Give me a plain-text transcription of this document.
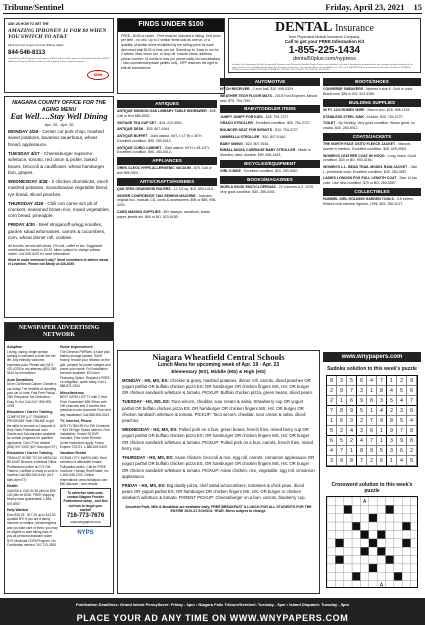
Tribune/Sentinel	Friday, April 23, 2021 15
ASK US HOW TO GET THE
AMAZING IPHONE® 11 FOR $0 WHEN YOU SWITCH TO AT&T
Find out how to get our best iPhone deals
844-546-8113
*Limited time offer. Requires credit approval. AT&T and the Globe logo are registered trademarks of AT&T Intellectual Property. All other marks are the property of their respective owners.
DISH
NIAGARA COUNTY OFFICE FOR THE AGING MENU
Eat Well….Stay Well Dining
Apr. 26 - Apr. 30

MONDAY 4/26 - Center cut pork chop, mashed sweet potatoes, bavarian sauerkraut, wheat bread, applesauce.

TUESDAY 4/27 - Cheeseburger supreme w/lettuce, tomato, red onion & pickle, baked beans, broccoli & cauliflower, wheat hamburger bun, grapes.

WEDNESDAY 4/28 - 2 chicken drumsticks, ranch mashed potatoes, Scandinavian vegetable blend, rye bread, sliced peaches.

THURSDAY 4/29 - Chili con carne w/1 pk of crackers, seasoned brown rice, mixed vegetables, corn bread, pineapple.

FRIDAY 4/30 - Beef stroganoff w/egg noodles, garden salad w/tomatoes, carrots & cucumbers, corn, wheat dinner roll, cookies.

All lunches served with bread, 1% milk, coffee or tea. Suggested contribution for meals is $3.25. Menu subject to change without notice. Call 438-4030 for more information.
Want to make someone’s day? Need volunteers to deliver meals in Lewiston. Please call Mindy at 438-4035.
NEWSPAPER ADVERTISING NETWORK
Adoption

Loving, caring, single woman looking to welcome a child into her life. Any ethnicity welcome, expenses paid. Please call (347) 470-0228 or my attorney (800) 562-9616 for information.

Auto Donations

Drive Out Breast Cancer: Donate a car today! The benefits of donating your car or boat: Fast Free Pickup - 24hr Response Tax Deduction - Easy To Do! Call 24/7: 855-905-4755

Education / Career Training

COMPUTER & IT TRAINING PROGRAM! Train ONLINE to get the skills to become a Computer & Help Desk Professional now! Grants and Scholarships available for certain programs for qualified applicants. Call CTI for details! (844) 947-0192 (M-F 8am-6pm ET)

Education / Career Training

TRAIN AT HOME TO DO MEDICAL BILLING! Become a Medical Office Professional online at CTI! Get Trained, Certified & ready to work in months! Call 855-543-6440. (M-F 8am-6pm ET)

Health

VIAGRA & CIALIS! 60 pills for $99. 100 pills for $150. FREE shipping. Money back guaranteed! 1-855-579-8907

Help Wanted

Earn $15.25 - $17.25 up to $13.50 Upstate NY! If you are a family member or relative, friend/neighbor and you take care of them, you may be eligible to start taking care of you as personal assistant under NYS Medicaid CDPA Program. No Certificates needed. 347-713-3553

Home Improvement

The Generac PWRcell, a solar plus battery storage system. SAVE money, reduce your reliance on the grid, prepare for power outages and power your home. Full installation services available. $0 Down Financing Option. Request a FREE, no obligation, quote today. Call 1-888-871-0194

Miscellaneous

BEST SATELLITE TV with 2 Year Price Guarantee! $59.99/mo with 190 channels and 3 months free premium movie channels! Free next day installation! Call 888-508-5313

TV, Internet, Phone

DISH TV $64.99 For 190 Channels + $14.95 High Speed Internet. Free Installation, Smart HD DVR Included, Free Voice Remote. Some restrictions apply. Promo Expires 7/21/21. 1-888-609-9405

Vacation Rental

OCEAN CITY, MARYLAND. Best selection of affordable rentals. Full/partial weeks. Call for FREE brochure. Holiday Real Estate, Inc. 1-800-638-2102. Online reservations: www.holidayoc.com. $50 discount - new rentals.

To advertise state-wide, contact Niagara Frontier Publications today…and find out how to target your market!
716-773-7676
www.wnypapers.com
NYPS
FINDS UNDER $100
FREE - $100 or under - Free must be included in listing. One price per item - no obo. Up to 2 similar items sold as one lot, or a quantity of similar items multiplied by the selling price for each item must total $100 or less, per ad. Submit up to 3 ads to run for 2 weeks. Mail, email, fax, or drop off. Include name, address, phone number. 15 words or less (no phone calls) No cancellations - Non-commercial/private parties only - NFP reserves the right to edit all submissions.
DENTAL Insurance
from Physicians Mutual Insurance Company.
Call to get your FREE Information Kit
1-855-225-1434
dental50plus.com/nypress
Includes the Participating (in GA: Designated) Providers and Preventive Benefits Rider. Product not available in all states. Acceptance guaranteed for one insurance policy/certificate of this type. Contact us for complete details about this insurance solicitation. This specific offer is not available in CO, NY; call 1-800-969-4781 or respond for similar offer. Certificate C250A (ID: C250E); Insurance Policy P150 (GA: P150GA; NY: P150NY; OK: P150OK; TN: P150TN). 6154-0120
ANTIQUES

ANTIQUE MISSION OAK LIBRARY TABLE W/DRAWER - $95. Call or text 585-9902.

VINTAGE TEA CUP SET - $15. 212-9951.

ANTIQUE DESK - $25. 807-9164.

ANTIQUE BUFFET - Dark walnut. 66"L x 17"W x 35"H. Excellent condition. $95. 283-6012.

ANTIQUE CURIO CABINET - Dark walnut. 64"H x 38-1/2"L. Excellent condition. $95. 283-6012.

APPLIANCES

OREK CLEOC HYPE-ALLERGENIC VACUUM - $75. Call or text 998-9902.

ARTS/CRAFTS/HOBBIES

QUILTERS ORANGE/ID RULERS - 12 1/2 sq. $15. 693-1414.

SINGER CONFIDENCE 7463 SEWING MACHINE - Includes original box, manual, CD, cords & accessories. $95 or $85. 998-0231.

CARD MAKING SUPPLIES - 80+ stamps, cardstock, brads, paper, jewels etc. $60 or BO. 523-9180.

AUTOMOTIVE

HITCH RECEIVER - 2 inch ball. $10. 998-5329.

WEATHER TECH FLOOR MATS - 2018 Ford Explorer. Almost new. $75. 754-7967.

BABY/TODDLER ITEMS

JUMPY JUMPY FOR KIDS - $25. 754-2727.

GRACO STROLLER - Excellent condition. $30. 754-2727.

BOUNCER SEAT FOR INFANTS - $10. 754-2727.

UMBRELLA STROLLER - $10. 807-9164.

BABY SWING - $20. 807-9164.

EMMALJUNGA CARRIAGE BABY STROLLER - Made in Sweden, used, durable. $99. 693-1493.

BICYCLES/EQUIPMENT

GIRL'S BIKE - Excellent condition. $20. 283-9567.

BOOKS/MAGAZINES

WORLD BOOK ENCYCLOPEDIAS - 22 volumes A-Z. 1978, very good condition. $30. 285-0401.

BOOTS/SHOES

CONVERSE SNEAKERS - Women's size 6. Gold in color. Brand new. $35 or BO. 523-9180.

BUILDING SUPPLIES

50 FT. 12/2 ROMEX WIRE - New in box. $25. 998-1315.

STAINLESS STEEL SINK - Double. $20. 754-2727.

TOILET - By Sterling. Very good condition. Works great, no cracks. $40. 283-6012.

COATS/JACKETS

THE NORTH FACE OSITO FLEECE JACKET - Maroon, women's medium. Excellent condition. $35. 625-9063.

WOMEN'S LEATHER COAT W/ HOOD - Long, black. Good condition. $30 or BO. 993-3166.

WOMEN'S L.L. BEAN TRAIL MODEL RAIN JACKET - Size L, periwinkle color. Excellent condition. $25. 283-3557.

LADIES LONDON FOG FULL LENGTH COAT - Size 12 tan color. Like new condition. $70 or BO. 283-3557.

COLLECTIBLES

HUMMEL GIRL HOLDING GARDEN TOOLS - 3.5 inches. Retired club member figurine, 1996. $25. 280-2017.

www.wnypapers.com
Niagara Wheatfield Central Schools
Lunch Menu for upcoming week of Apr. 19 - Apr. 23
Elementary (ES), Middle (MS) & High (HS)

MONDAY - HS, MS, ES: Chicken & gravy, mashed potatoes, dinner roll, carrots, diced peaches OR yogurt parfait OR buffalo chicken pizza ES; OR hamburger OR chicken fingers MS, HS; OR burger OR chicken sandwich w/lettuce & tomato. PICKUP: Buffalo chicken pizza, green beans, diced pears.

TUESDAY - HS, MS, ES: Taco w/corn, cheddar, sour cream & salsa, Strawberry cup OR yogurt parfait OR buffalo chicken pizza ES; OR hamburger OR chicken fingers MS, HS; OR burger OR chicken sandwich w/lettuce & tomato. PICKUP: Taco w/corn, cheddar, sour cream & salsa, diced peaches.

WEDNESDAY - HS, MS, ES: Pulled pork on a bun, green beans, french fries, mixed berry cup OR yogurt parfait OR buffalo chicken pizza ES; OR hamburger OR chicken fingers MS, HS; OR burger OR chicken sandwich w/lettuce & tomato. PICKUP: Pulled pork on a bun, carrots, french fries, mixed berry cup.

THURSDAY - HS, MS, ES: Asian chicken, broccoli & rice, egg roll, carrots, cinnamon applesauce OR yogurt parfait OR buffalo chicken pizza ES; OR hamburger OR chicken fingers MS, HS; OR burger OR chicken sandwich w/lettuce & tomato. PICKUP: Asian chicken, rice, vegetable, egg roll, cinnamon applesauce.

FRIDAY - HS, MS, ES: Big daddy pizza, chef salad w/cucumbers, tomatoes & chick peas, diced pears OR yogurt parfait ES; OR hamburger OR chicken fingers MS, HS; OR burger or chicken sandwich w/lettuce & tomato. PARENT PICKUP: Cheeseburger on a bun, carrots, blueberry cup.

Assorted Fruit, Milk & Breakfast are available daily. FREE BREAKFAST & LUNCH FOR ALL STUDENTS FOR THE ENTIRE 2020-21 SCHOOL YEAR. Menu subject to change.
Sudoku solution to this week's puzzle
8	3	5	6	4	7	1	2	9
2	9	7	3	1	8	4	5	6
2	1	6	9	8	3	5	4	7
7	8	9	5	1	4	2	3	6
1	6	3	2	7	9	8	5	4
5	2	4	3	6	1	9	7	8
6	5	2	4	7	1	3	9	8
4	7	1	8	9	5	3	6	2
3	9	8	7	2	6	1	4	5
Crossword solution to this week's puzzle
A
A
Publication Deadlines: Grand Island PennySaver: Friday - 3pm • Niagara Falls Tribune/Sentinel: Tuesday - 5pm • Island Dispatch: Tuesday - 5pm
PLACE YOUR AD ANY TIME ON WWW.WNYPAPERS.COM
